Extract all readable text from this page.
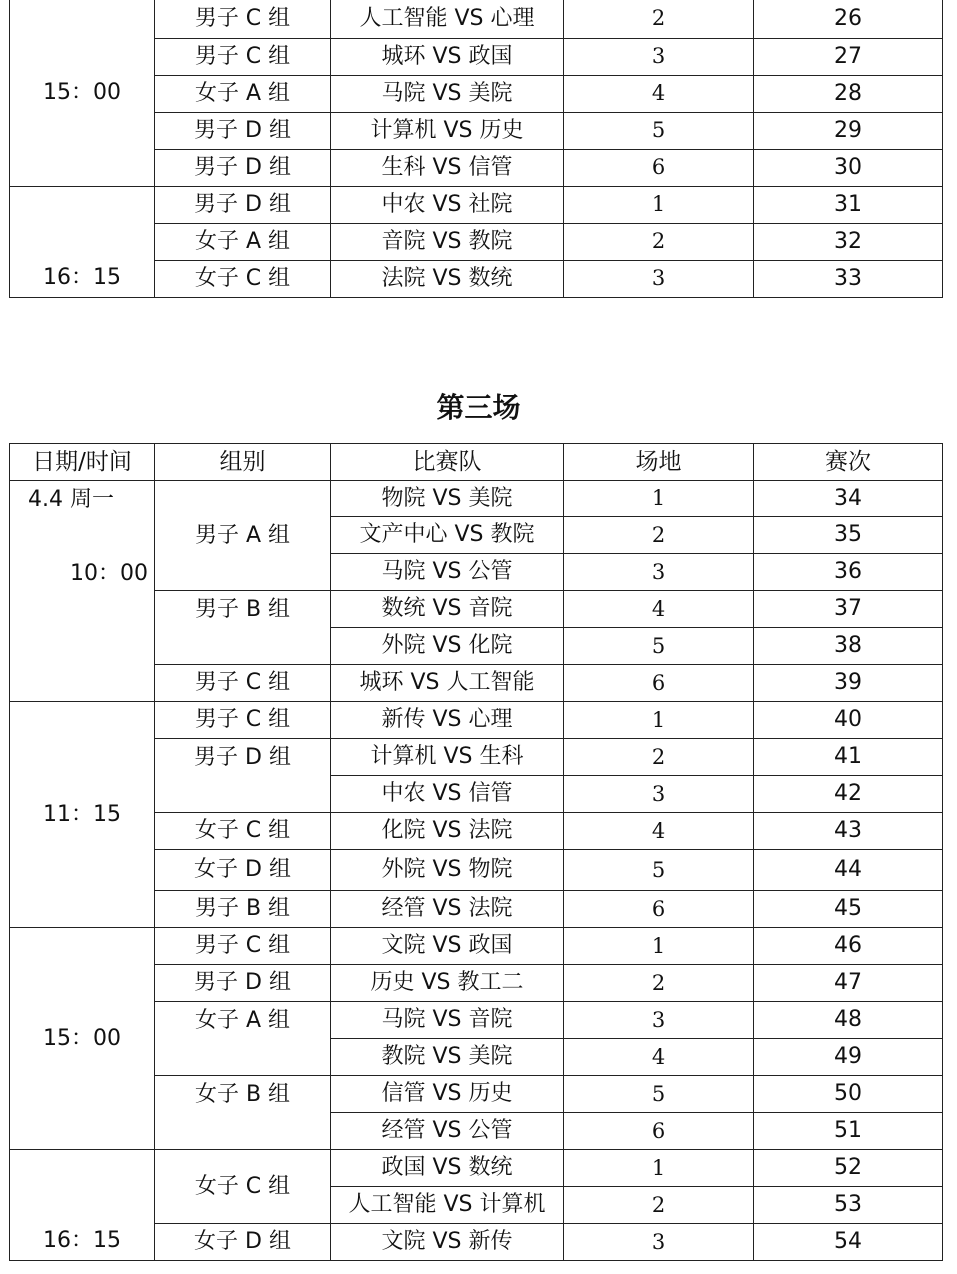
15：00	男子 C 组	人工智能 VS 心理	2	26
	男子 C 组	城环 VS 政国	3	27
	女子 A 组	马院 VS 美院	4	28
	男子 D 组	计算机 VS 历史	5	29
	男子 D 组	生科 VS 信管	6	30
16：15	男子 D 组	中农 VS 社院	1	31
	女子 A 组	音院 VS 教院	2	32
	女子 C 组	法院 VS 数统	3	33
第三场
日期/时间	组别	比赛队	场地	赛次

4.4 周一
10：00	男子 A 组	物院 VS 美院	1	34
		文产中心 VS 教院	2	35
		马院 VS 公管	3	36
	男子 B 组	数统 VS 音院	4	37
		外院 VS 化院	5	38
	男子 C 组	城环 VS 人工智能	6	39
11：15	男子 C 组	新传 VS 心理	1	40
	男子 D 组	计算机 VS 生科	2	41
		中农 VS 信管	3	42
	女子 C 组	化院 VS 法院	4	43
	女子 D 组	外院 VS 物院	5	44
	男子 B 组	经管 VS 法院	6	45
15：00	男子 C 组	文院 VS 政国	1	46
	男子 D 组	历史 VS 教工二	2	47
	女子 A 组	马院 VS 音院	3	48
		教院 VS 美院	4	49
	女子 B 组	信管 VS 历史	5	50
		经管 VS 公管	6	51
16：15	女子 C 组	政国 VS 数统	1	52
		人工智能 VS 计算机	2	53
	女子 D 组	文院 VS 新传	3	54
